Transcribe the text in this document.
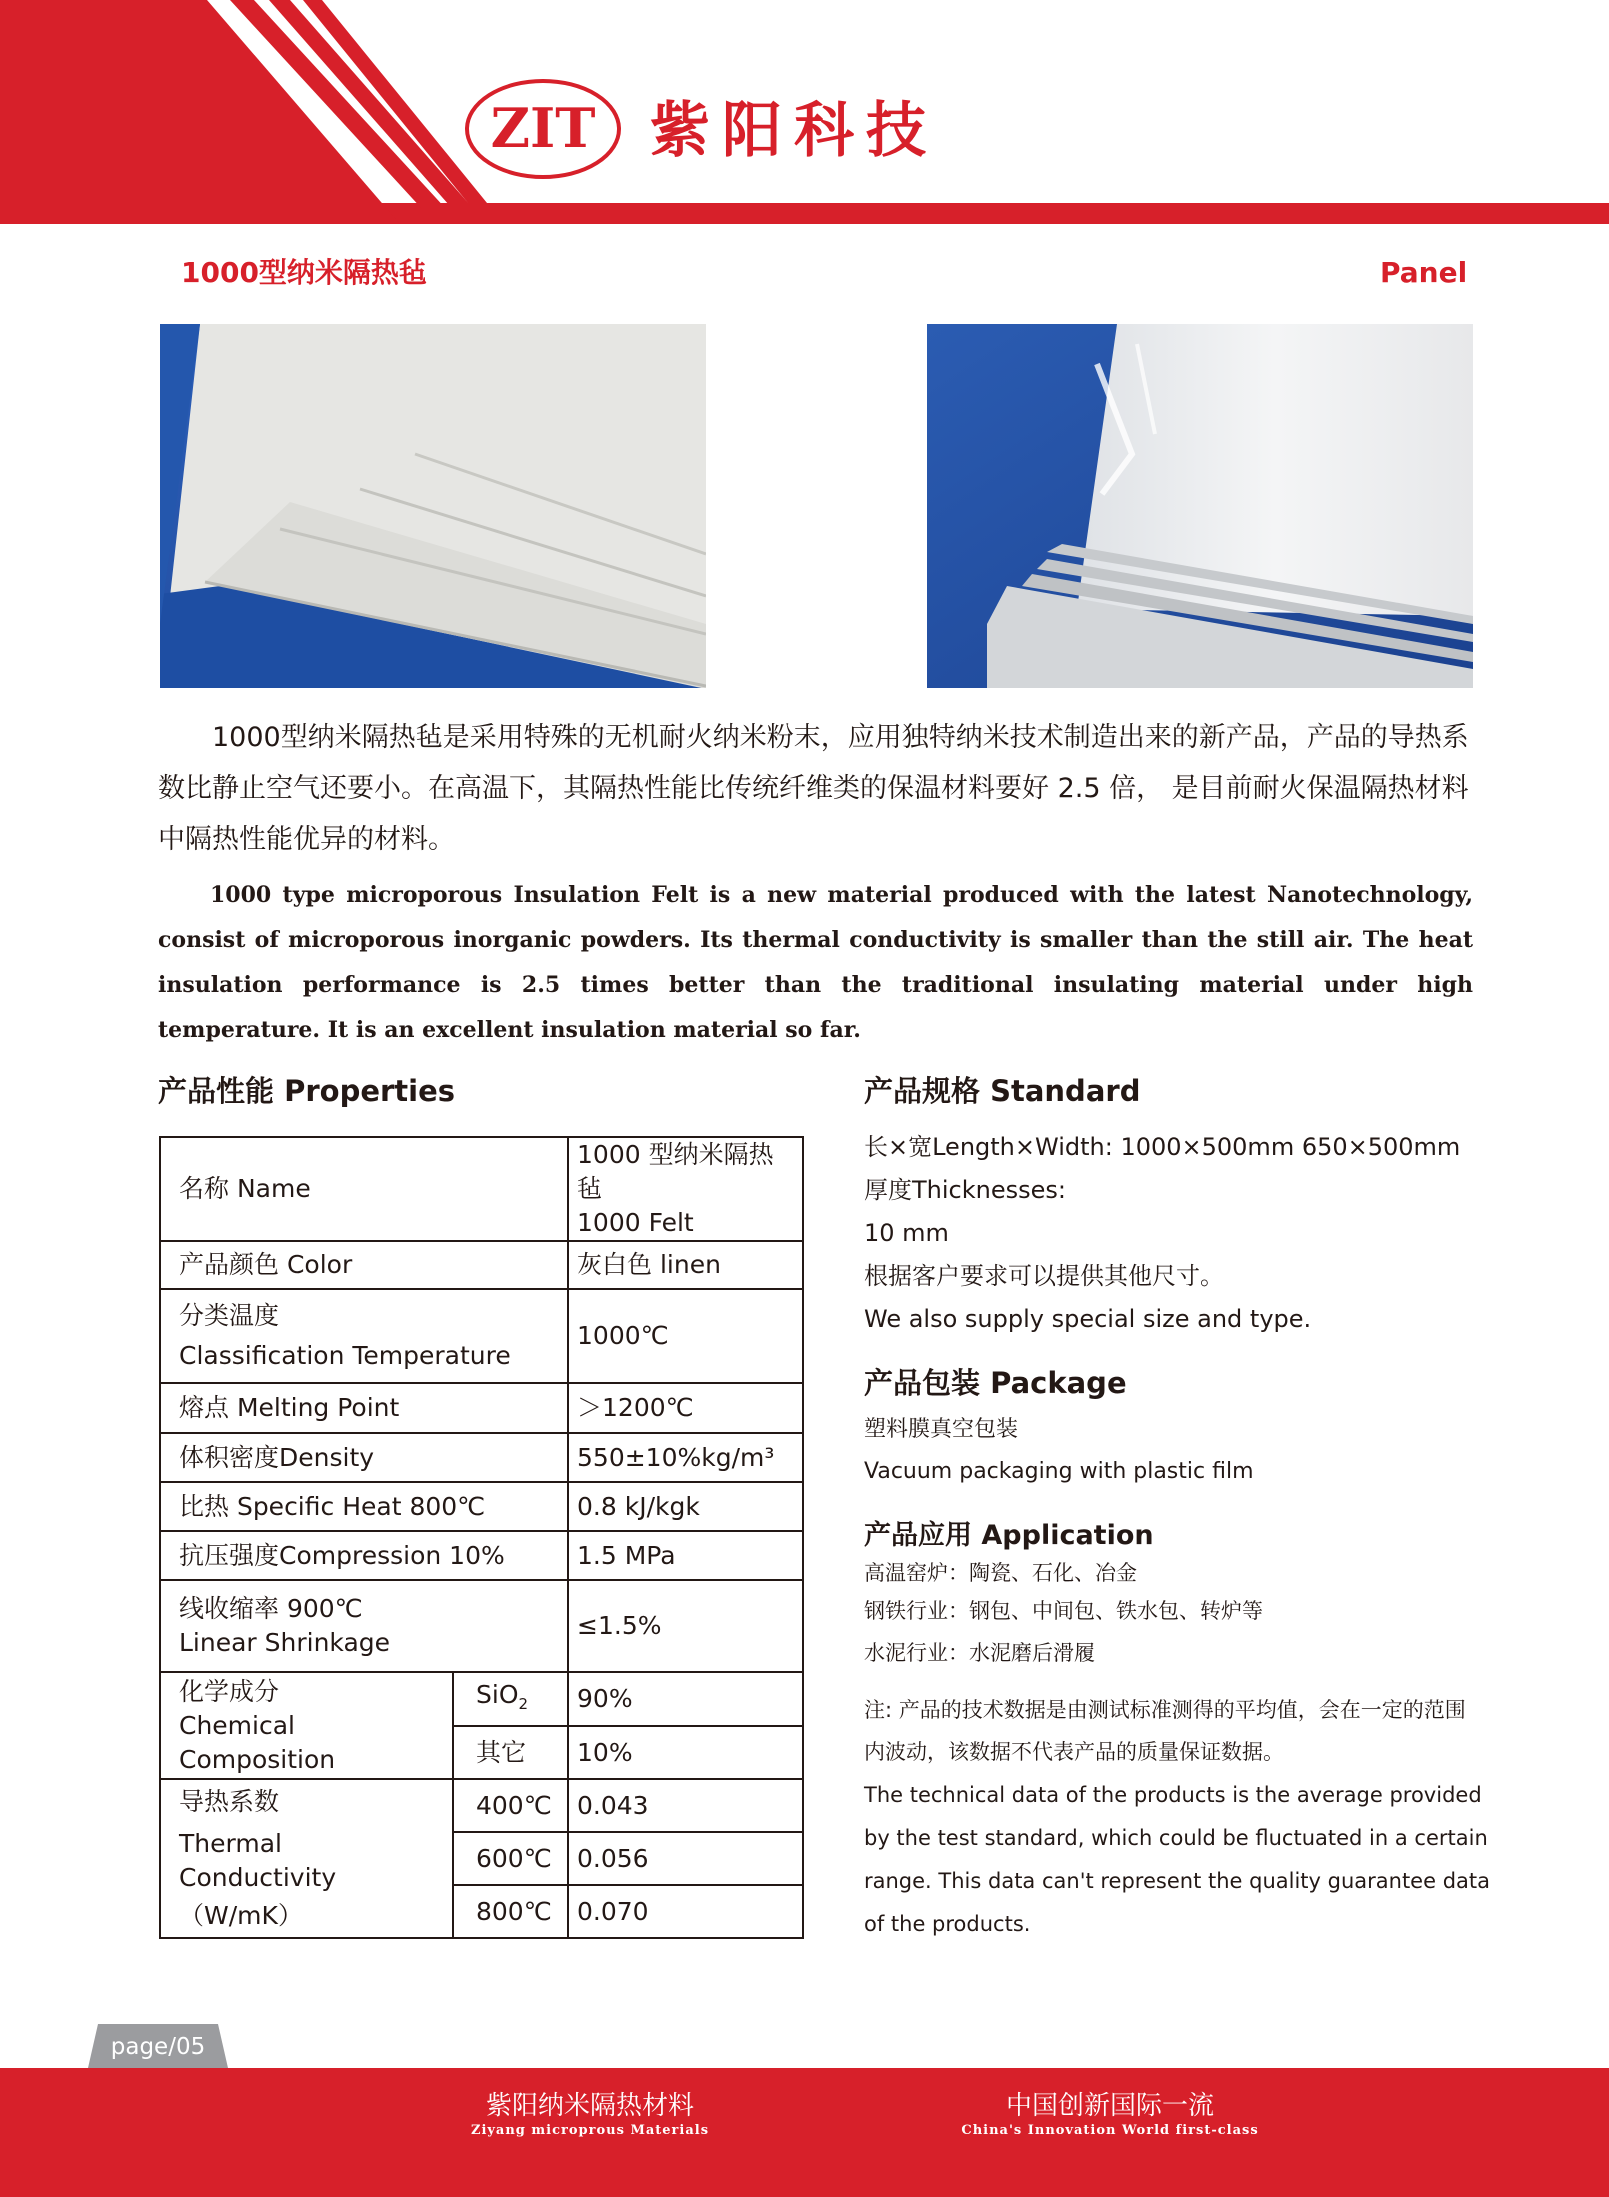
ZIT 紫阳科技
1000型纳米隔热毡	Panel

1000型纳米隔热毡是采用特殊的无机耐火纳米粉末，应用独特纳米技术制造出来的新产品，产品的导热系数比静止空气还要小。在高温下，其隔热性能比传统纤维类的保温材料要好 2.5 倍， 是目前耐火保温隔热材料中隔热性能优异的材料。

1000 type microporous Insulation Felt is a new material produced with the latest Nanotechnology, consist of microporous inorganic powders. Its thermal conductivity is smaller than the still air. The heat insulation performance is 2.5 times better than the traditional insulating material under high temperature. It is an excellent insulation material so far.

产品性能 Properties
名称 Name		1000 型纳米隔热毡
1000 Felt

产品颜色 Color		灰白色 linen

分类温度
Classification Temperature		1000℃
熔点 Melting Point		＞1200℃
体积密度Density		550±10%kg/m³
比热 Specific Heat 800℃		0.8 kJ/kgk
抗压强度Compression 10%		1.5 MPa

线收缩率 900℃
Linear Shrinkage		≤1.5%

化学成分
Chemical Composition	SiO$_2$	90%
	其它	10%

导热系数
Thermal Conductivity
（W/mK）	400℃	0.043
	600℃	0.056
	800℃	0.070
产品规格 Standard
长×宽Length×Width: 1000×500mm 650×500mm
厚度Thicknesses:
10 mm
根据客户要求可以提供其他尺寸。
We also supply special size and type.
产品包装 Package
塑料膜真空包装
Vacuum packaging with plastic film
产品应用 Application
高温窑炉：陶瓷、石化、冶金
钢铁行业：钢包、中间包、铁水包、转炉等
水泥行业：水泥磨后滑履
注: 产品的技术数据是由测试标准测得的平均值，会在一定的范围
内波动，该数据不代表产品的质量保证数据。
The technical data of the products is the average provided
by the test standard, which could be fluctuated in a certain
range. This data can't represent the quality guarantee data
of the products.
page/05
紫阳纳米隔热材料
Ziyang microprous Materials
中国创新国际一流
China's Innovation World first-class
